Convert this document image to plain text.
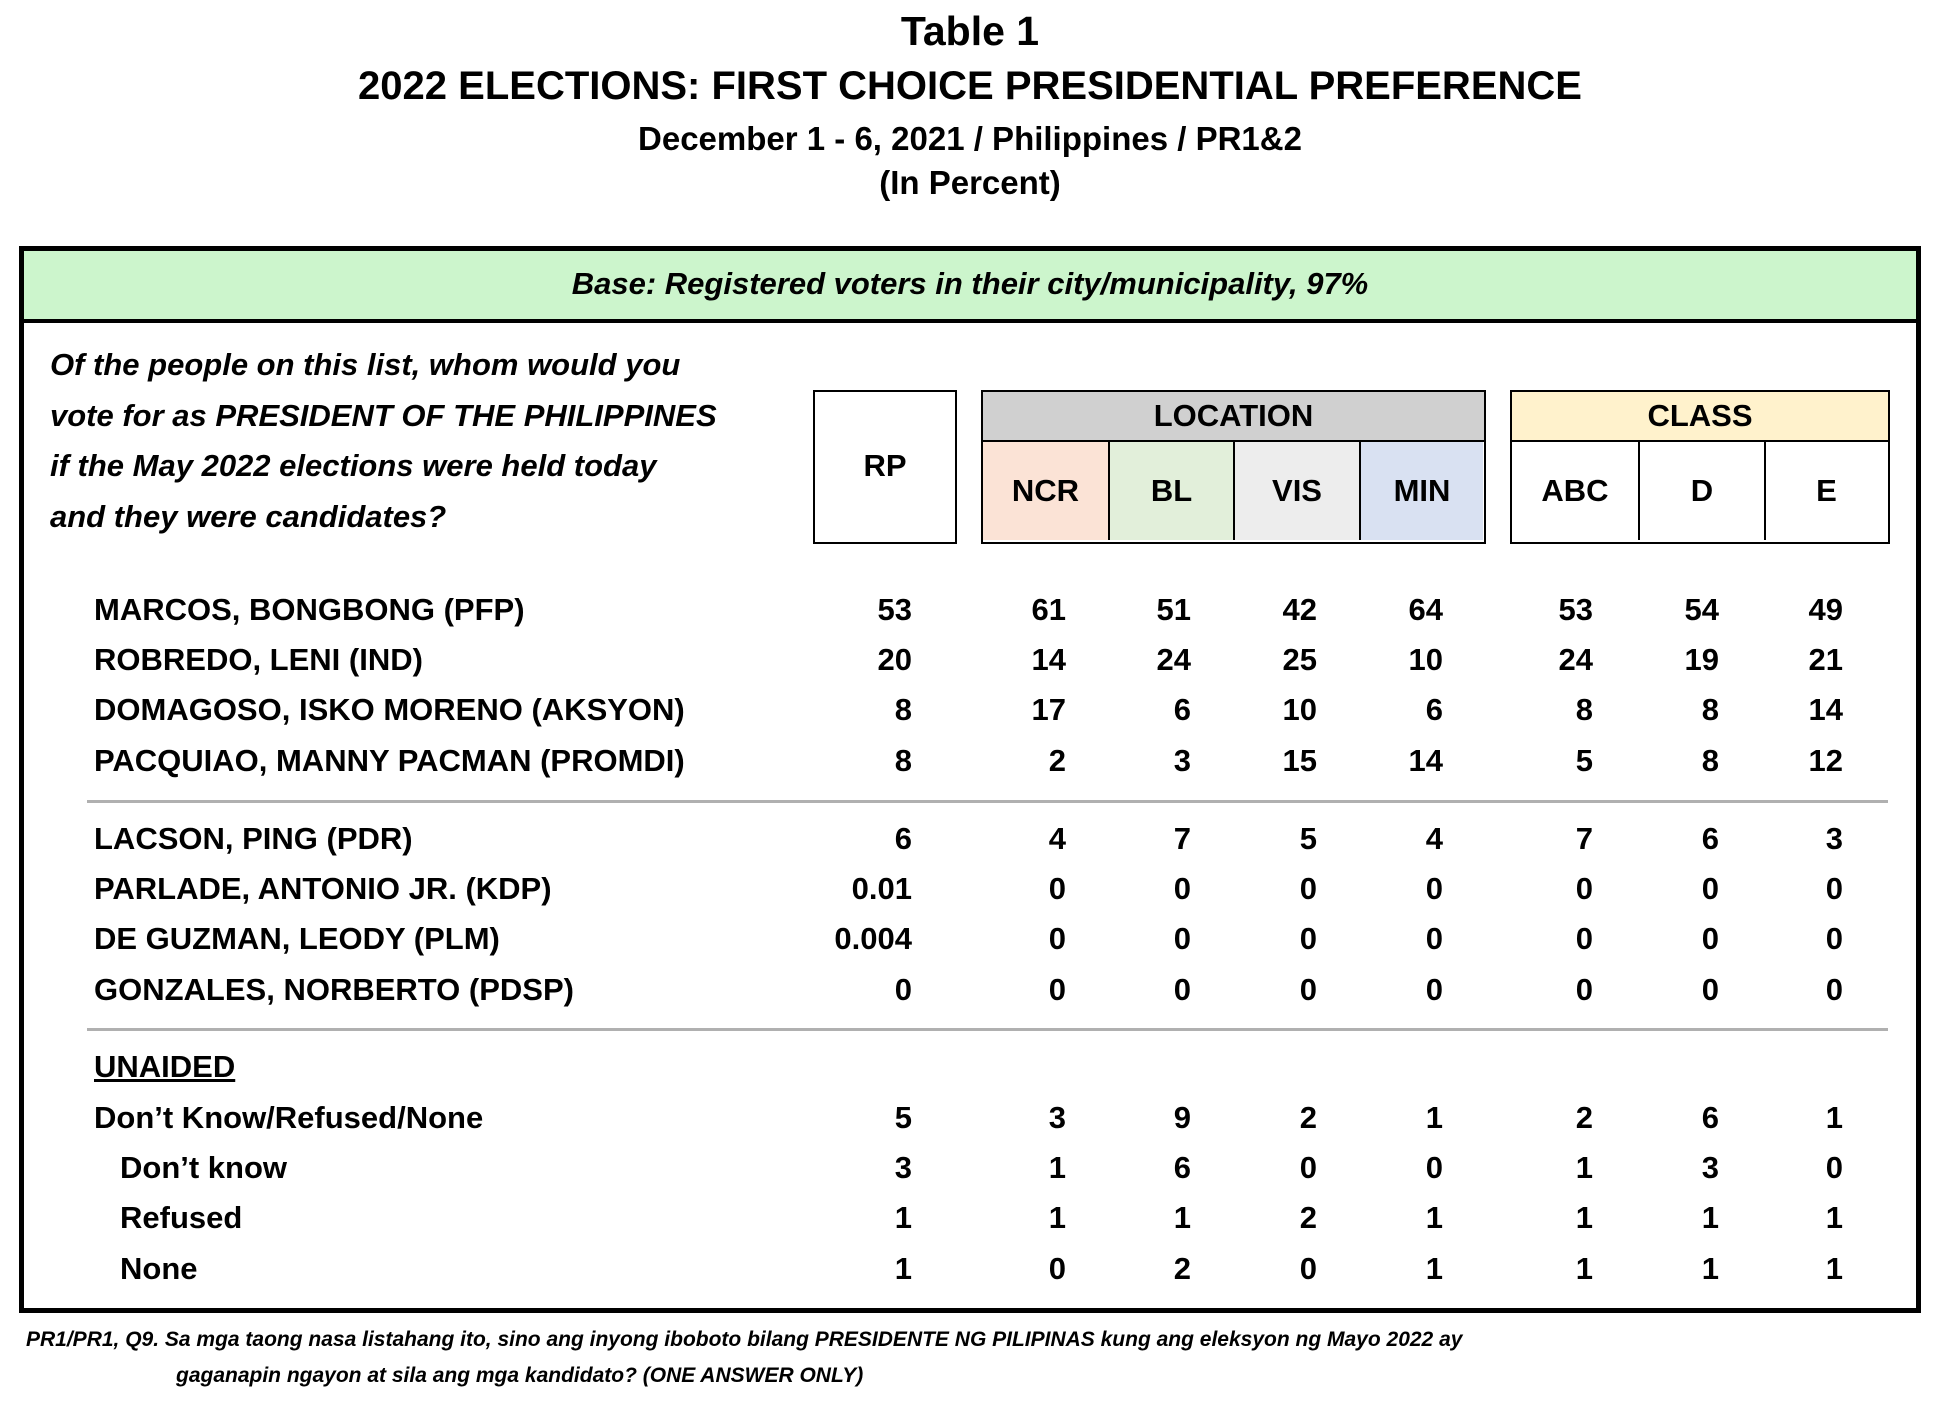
Table 1
2022 ELECTIONS: FIRST CHOICE PRESIDENTIAL PREFERENCE
December 1 - 6, 2021 / Philippines / PR1&2
(In Percent)
Base: Registered voters in their city/municipality, 97%
Of the people on this list, whom would you
vote for as PRESIDENT OF THE PHILIPPINES
if the May 2022 elections were held today
and they were candidates?
RP
LOCATION
NCR	BL	VIS	MIN
CLASS
ABC	D	E
MARCOS, BONGBONG (PFP)	53	61	51	42	64	53	54	49
ROBREDO, LENI (IND)	20	14	24	25	10	24	19	21
DOMAGOSO, ISKO MORENO (AKSYON)	8	17	6	10	6	8	8	14
PACQUIAO, MANNY PACMAN (PROMDI)	8	2	3	15	14	5	8	12
LACSON, PING (PDR)	6	4	7	5	4	7	6	3
PARLADE, ANTONIO JR. (KDP)	0.01	0	0	0	0	0	0	0
DE GUZMAN, LEODY (PLM)	0.004	0	0	0	0	0	0	0
GONZALES, NORBERTO (PDSP)	0	0	0	0	0	0	0	0
UNAIDED
Don’t Know/Refused/None	5	3	9	2	1	2	6	1
Don’t know	3	1	6	0	0	1	3	0
Refused	1	1	1	2	1	1	1	1
None	1	0	2	0	1	1	1	1
PR1/PR1, Q9. Sa mga taong nasa listahang ito, sino ang inyong iboboto bilang PRESIDENTE NG PILIPINAS kung ang eleksyon ng Mayo 2022 ay
gaganapin ngayon at sila ang mga kandidato? (ONE ANSWER ONLY)
